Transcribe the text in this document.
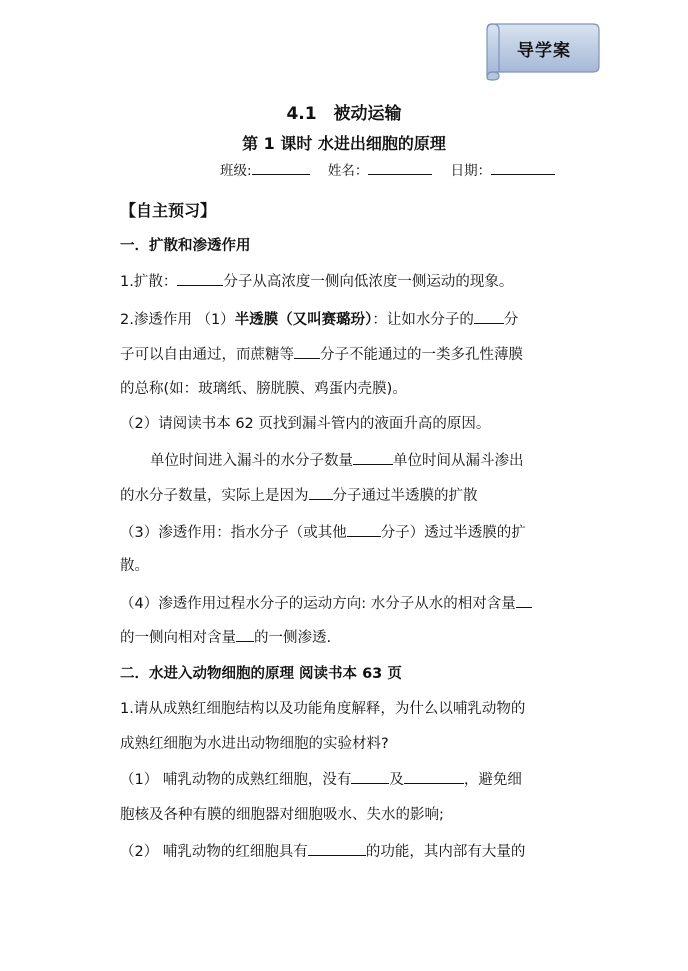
导学案
4.1　被动运输
第 1 课时 水进出细胞的原理
班级:	姓名：	日期：
【自主预习】
一．扩散和渗透作用
1.扩散：	分子从高浓度一侧向低浓度一侧运动的现象。
2.渗透作用 （1）半透膜（又叫赛璐玢）：让如水分子的 分
子可以自由通过，而蔗糖等 分子不能通过的一类多孔性薄膜
的总称(如：玻璃纸、膀胱膜、鸡蛋内壳膜)。
（2）请阅读书本 62 页找到漏斗管内的液面升高的原因。
单位时间进入漏斗的水分子数量	单位时间从漏斗渗出
的水分子数量，实际上是因为 分子通过半透膜的扩散
（3）渗透作用：指水分子（或其他 分子）透过半透膜的扩
散。
（4）渗透作用过程水分子的运动方向: 水分子从水的相对含量
的一侧向相对含量 的一侧渗透.
二．水进入动物细胞的原理 阅读书本 63 页
1.请从成熟红细胞结构以及功能角度解释，为什么以哺乳动物的
成熟红细胞为水进出动物细胞的实验材料?
（1） 哺乳动物的成熟红细胞，没有	及	，避免细
胞核及各种有膜的细胞器对细胞吸水、失水的影响;
（2） 哺乳动物的红细胞具有	的功能，其内部有大量的
